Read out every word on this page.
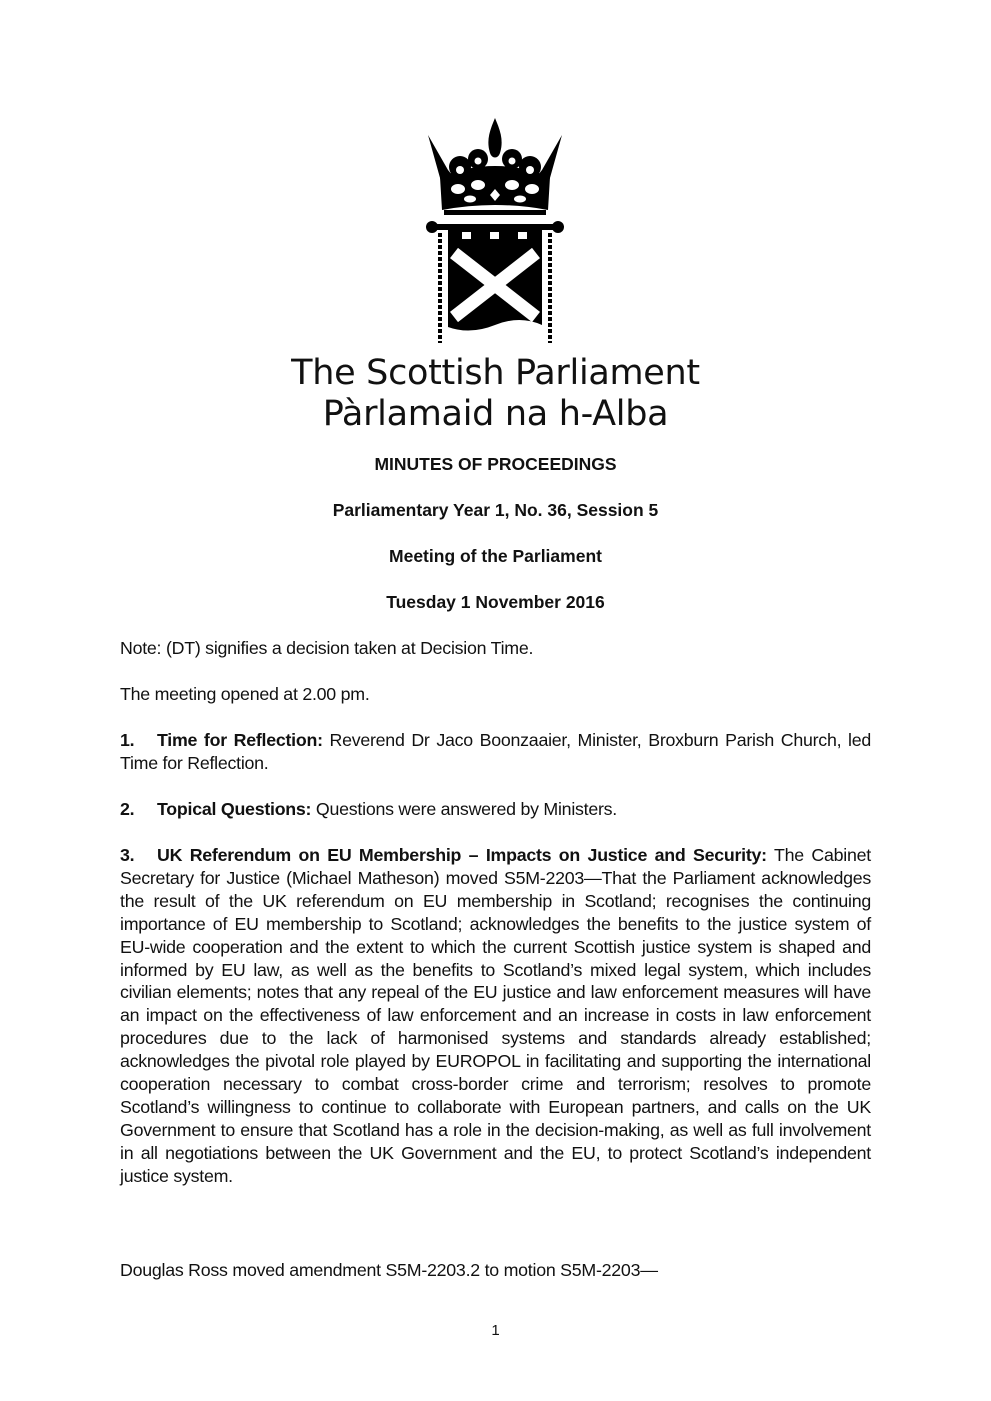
The Scottish Parliament
Pàrlamaid na h-Alba
MINUTES OF PROCEEDINGS
Parliamentary Year 1, No. 36, Session 5
Meeting of the Parliament
Tuesday 1 November 2016
Note: (DT) signifies a decision taken at Decision Time.
The meeting opened at 2.00 pm.
1. Time for Reflection: Reverend Dr Jaco Boonzaaier, Minister, Broxburn Parish Church, led Time for Reflection.
2. Topical Questions: Questions were answered by Ministers.
3. UK Referendum on EU Membership – Impacts on Justice and Security: The Cabinet Secretary for Justice (Michael Matheson) moved S5M-2203—That the Parliament acknowledges the result of the UK referendum on EU membership in Scotland; recognises the continuing importance of EU membership to Scotland; acknowledges the benefits to the justice system of EU-wide cooperation and the extent to which the current Scottish justice system is shaped and informed by EU law, as well as the benefits to Scotland’s mixed legal system, which includes civilian elements; notes that any repeal of the EU justice and law enforcement measures will have an impact on the effectiveness of law enforcement and an increase in costs in law enforcement procedures due to the lack of harmonised systems and standards already established; acknowledges the pivotal role played by EUROPOL in facilitating and supporting the international cooperation necessary to combat cross-border crime and terrorism; resolves to promote Scotland’s willingness to continue to collaborate with European partners, and calls on the UK Government to ensure that Scotland has a role in the decision-making, as well as full involvement in all negotiations between the UK Government and the EU, to protect Scotland’s independent justice system.
Douglas Ross moved amendment S5M-2203.2 to motion S5M-2203—
1
